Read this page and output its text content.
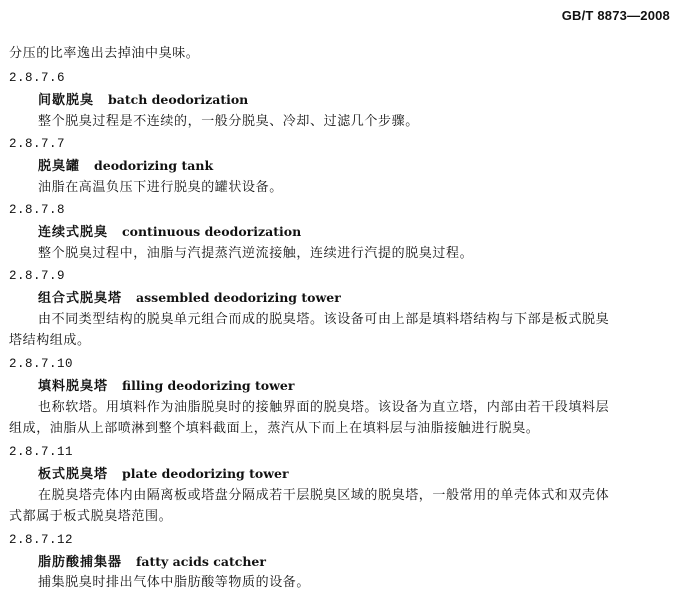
GB/T 8873—2008
分压的比率逸出去掉油中臭味。
2.8.7.6
间歇脱臭 batch deodorization
整个脱臭过程是不连续的，一般分脱臭、冷却、过滤几个步骤。
2.8.7.7
脱臭罐 deodorizing tank
油脂在高温负压下进行脱臭的罐状设备。
2.8.7.8
连续式脱臭 continuous deodorization
整个脱臭过程中，油脂与汽提蒸汽逆流接触，连续进行汽提的脱臭过程。
2.8.7.9
组合式脱臭塔 assembled deodorizing tower
由不同类型结构的脱臭单元组合而成的脱臭塔。该设备可由上部是填料塔结构与下部是板式脱臭
塔结构组成。
2.8.7.10
填料脱臭塔 filling deodorizing tower
也称软塔。用填料作为油脂脱臭时的接触界面的脱臭塔。该设备为直立塔，内部由若干段填料层
组成，油脂从上部喷淋到整个填料截面上，蒸汽从下而上在填料层与油脂接触进行脱臭。
2.8.7.11
板式脱臭塔 plate deodorizing tower
在脱臭塔壳体内由隔离板或塔盘分隔成若干层脱臭区域的脱臭塔，一般常用的单壳体式和双壳体
式都属于板式脱臭塔范围。
2.8.7.12
脂肪酸捕集器 fatty acids catcher
捕集脱臭时排出气体中脂肪酸等物质的设备。
